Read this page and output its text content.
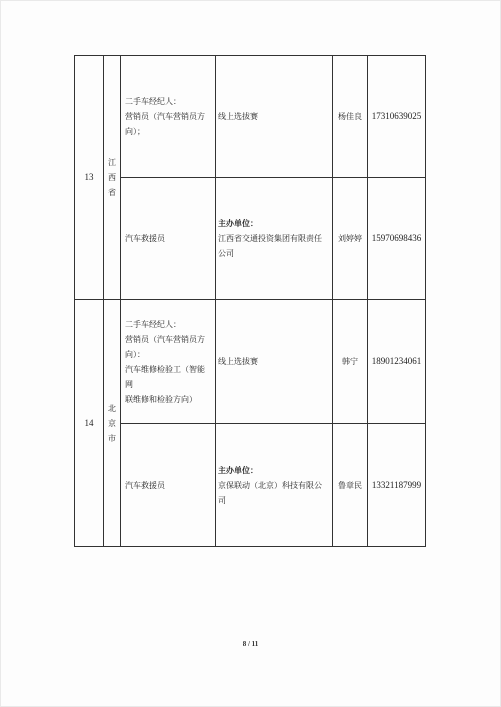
13	江西省	二手车经纪人：
营销员（汽车营销员方
向）；	线上选拔赛	杨佳良	17310639025

		汽车救援员	主办单位：
江西省交通投资集团有限责任
公司	刘婷婷	15970698436
14	北京市	二手车经纪人：
营销员（汽车营销员方
向）：
汽车维修检验工（智能网
联维修和检验方向）	线上选拔赛	韩宁	18901234061

		汽车救援员	主办单位：
京保联动（北京）科技有限公
司	鲁章民	13321187999
8 / 11
